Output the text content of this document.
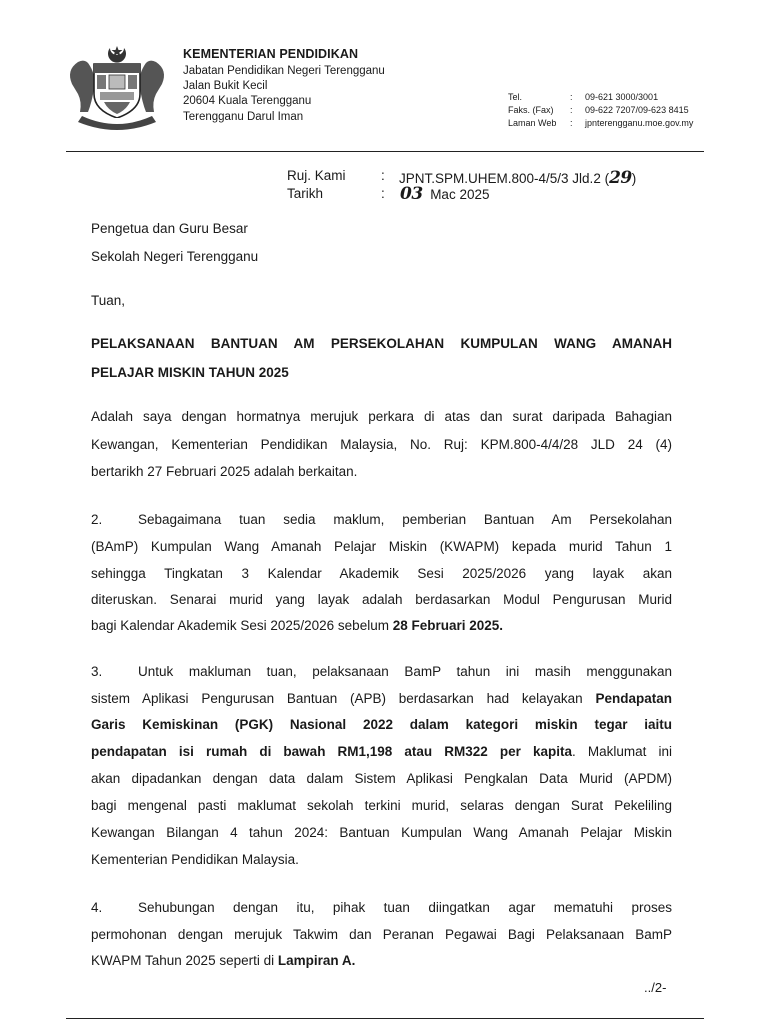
KEMENTERIAN PENDIDIKAN
Jabatan Pendidikan Negeri Terengganu
Jalan Bukit Kecil
20604 Kuala Terengganu
Terengganu Darul Iman
Tel.	: 09-621 3000/3001
Faks. (Fax) : 09-622 7207/09-623 8415
Laman Web : jpnterengganu.moe.gov.my
Ruj. Kami	: JPNT.SPM.UHEM.800-4/5/3 Jld.2 (29)
Tarikh	: 03 Mac 2025
Pengetua dan Guru Besar
Sekolah Negeri Terengganu
Tuan,
PELAKSANAAN BANTUAN AM PERSEKOLAHAN KUMPULAN WANG AMANAH
PELAJAR MISKIN TAHUN 2025
Adalah saya dengan hormatnya merujuk perkara di atas dan surat daripada Bahagian
Kewangan, Kementerian Pendidikan Malaysia, No. Ruj: KPM.800-4/4/28 JLD 24 (4)
bertarikh 27 Februari 2025 adalah berkaitan.
2.	Sebagaimana tuan sedia maklum, pemberian Bantuan Am Persekolahan
(BAmP) Kumpulan Wang Amanah Pelajar Miskin (KWAPM) kepada murid Tahun 1
sehingga Tingkatan 3 Kalendar Akademik Sesi 2025/2026 yang layak akan
diteruskan. Senarai murid yang layak adalah berdasarkan Modul Pengurusan Murid
bagi Kalendar Akademik Sesi 2025/2026 sebelum 28 Februari 2025.
3.	Untuk makluman tuan, pelaksanaan BamP tahun ini masih menggunakan
sistem Aplikasi Pengurusan Bantuan (APB) berdasarkan had kelayakan Pendapatan
Garis Kemiskinan (PGK) Nasional 2022 dalam kategori miskin tegar iaitu
pendapatan isi rumah di bawah RM1,198 atau RM322 per kapita. Maklumat ini
akan dipadankan dengan data dalam Sistem Aplikasi Pengkalan Data Murid (APDM)
bagi mengenal pasti maklumat sekolah terkini murid, selaras dengan Surat Pekeliling
Kewangan Bilangan 4 tahun 2024: Bantuan Kumpulan Wang Amanah Pelajar Miskin
Kementerian Pendidikan Malaysia.
4.	Sehubungan dengan itu, pihak tuan diingatkan agar mematuhi proses
permohonan dengan merujuk Takwim dan Peranan Pegawai Bagi Pelaksanaan BamP
KWAPM Tahun 2025 seperti di Lampiran A.
../2-
